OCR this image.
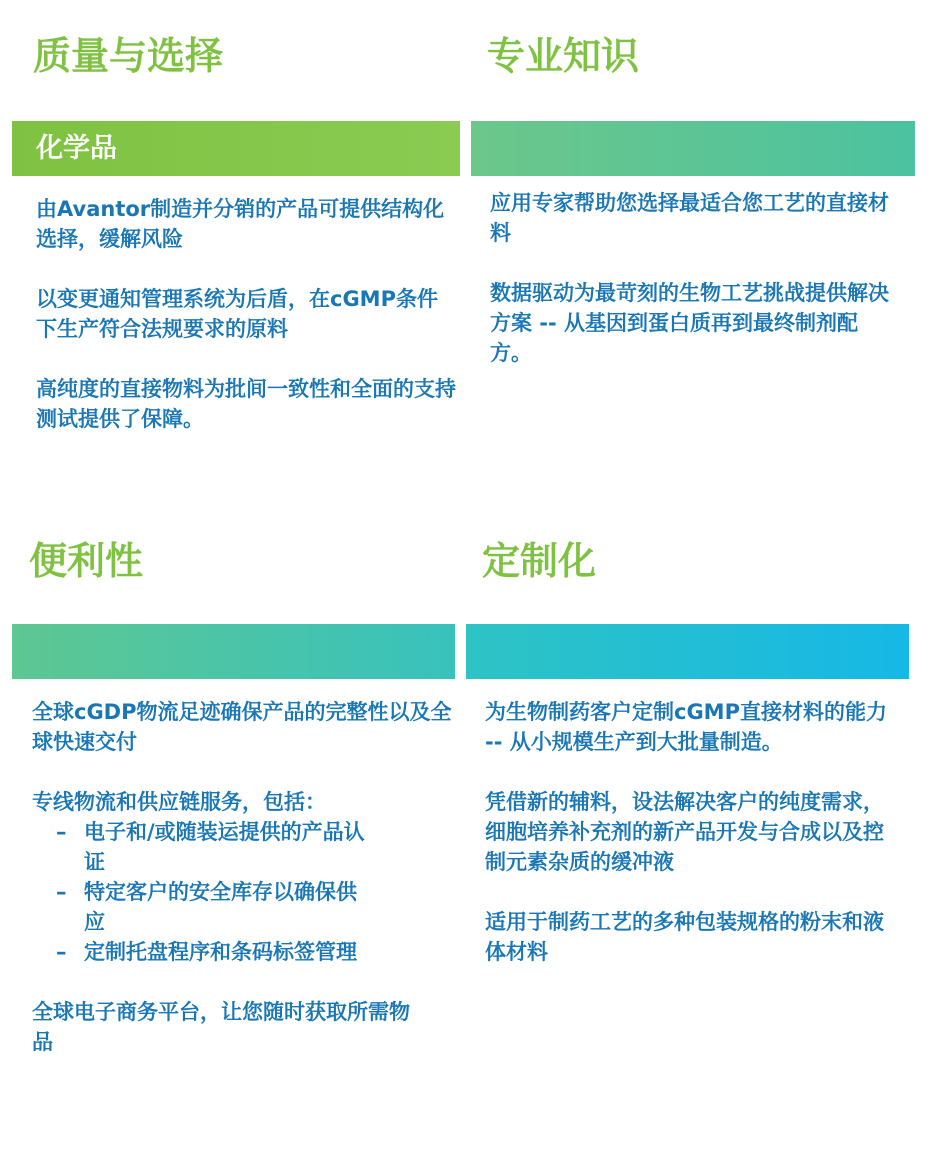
质量与选择
化学品

由Avantor制造并分销的产品可提供结构化选择，缓解风险

以变更通知管理系统为后盾，在cGMP条件下生产符合法规要求的原料

高纯度的直接物料为批间一致性和全面的支持测试提供了保障。

专业知识

应用专家帮助您选择最适合您工艺的直接材料

数据驱动为最苛刻的生物工艺挑战提供解决方案 -- 从基因到蛋白质再到最终制剂配方。

便利性

全球cGDP物流足迹确保产品的完整性以及全球快速交付

专线物流和供应链服务，包括：

– 电子和/或随装运提供的产品认证
– 特定客户的安全库存以确保供应
– 定制托盘程序和条码标签管理

全球电子商务平台，让您随时获取所需物品

定制化

为生物制药客户定制cGMP直接材料的能力 -- 从小规模生产到大批量制造。

凭借新的辅料，设法解决客户的纯度需求，细胞培养补充剂的新产品开发与合成以及控制元素杂质的缓冲液

适用于制药工艺的多种包装规格的粉末和液体材料
